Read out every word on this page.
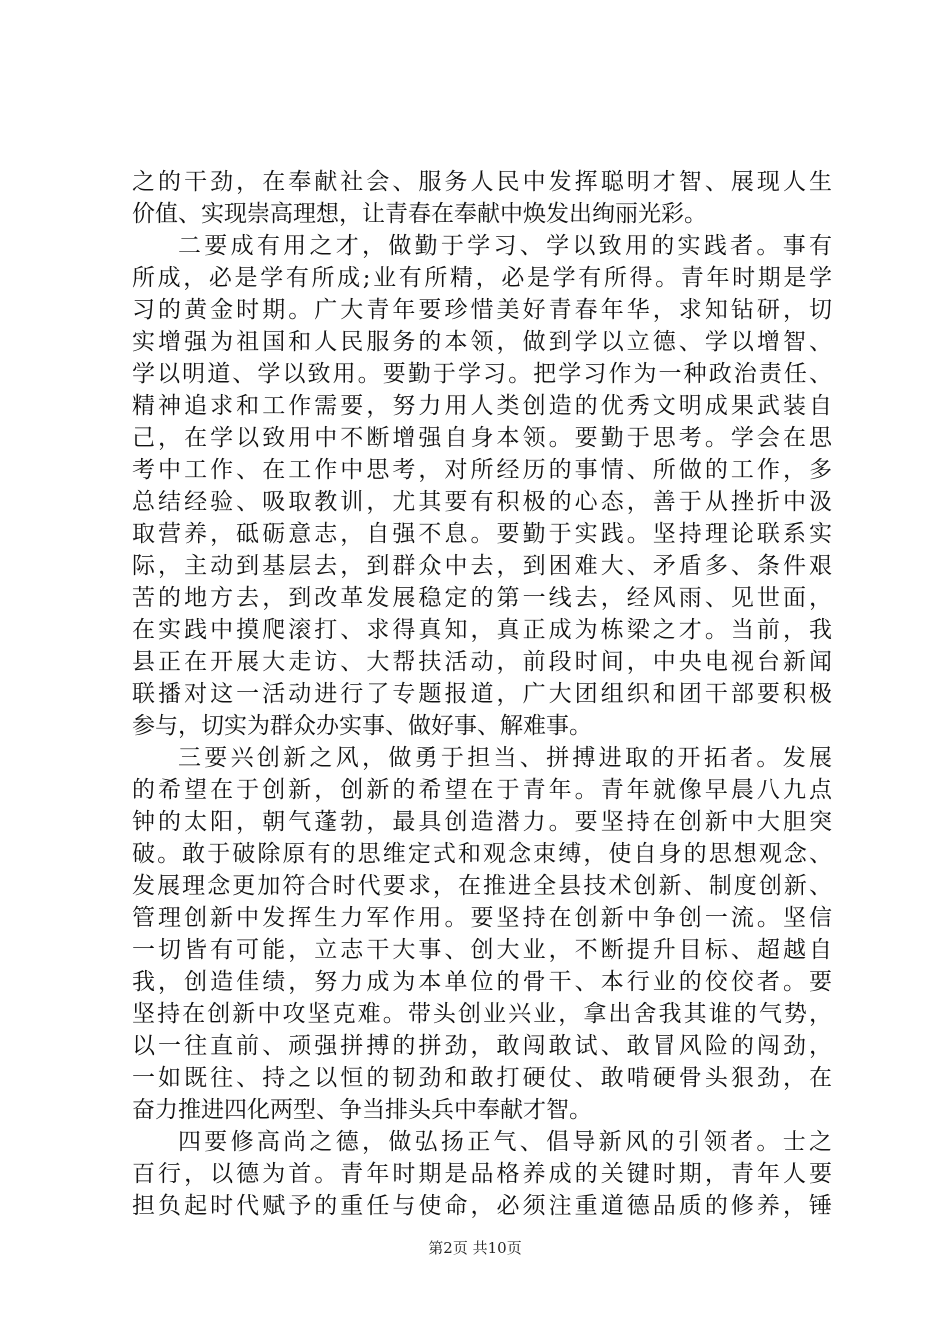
之的干劲，在奉献社会、服务人民中发挥聪明才智、展现人生
价值、实现崇高理想，让青春在奉献中焕发出绚丽光彩。
二要成有用之才，做勤于学习、学以致用的实践者。事有
所成，必是学有所成;业有所精，必是学有所得。青年时期是学
习的黄金时期。广大青年要珍惜美好青春年华，求知钻研，切
实增强为祖国和人民服务的本领，做到学以立德、学以增智、
学以明道、学以致用。要勤于学习。把学习作为一种政治责任、
精神追求和工作需要，努力用人类创造的优秀文明成果武装自
己，在学以致用中不断增强自身本领。要勤于思考。学会在思
考中工作、在工作中思考，对所经历的事情、所做的工作，多
总结经验、吸取教训，尤其要有积极的心态，善于从挫折中汲
取营养，砥砺意志，自强不息。要勤于实践。坚持理论联系实
际，主动到基层去，到群众中去，到困难大、矛盾多、条件艰
苦的地方去，到改革发展稳定的第一线去，经风雨、见世面，
在实践中摸爬滚打、求得真知，真正成为栋梁之才。当前，我
县正在开展大走访、大帮扶活动，前段时间，中央电视台新闻
联播对这一活动进行了专题报道，广大团组织和团干部要积极
参与，切实为群众办实事、做好事、解难事。
三要兴创新之风，做勇于担当、拼搏进取的开拓者。发展
的希望在于创新，创新的希望在于青年。青年就像早晨八九点
钟的太阳，朝气蓬勃，最具创造潜力。要坚持在创新中大胆突
破。敢于破除原有的思维定式和观念束缚，使自身的思想观念、
发展理念更加符合时代要求，在推进全县技术创新、制度创新、
管理创新中发挥生力军作用。要坚持在创新中争创一流。坚信
一切皆有可能，立志干大事、创大业，不断提升目标、超越自
我，创造佳绩，努力成为本单位的骨干、本行业的佼佼者。要
坚持在创新中攻坚克难。带头创业兴业，拿出舍我其谁的气势，
以一往直前、顽强拼搏的拼劲，敢闯敢试、敢冒风险的闯劲，
一如既往、持之以恒的韧劲和敢打硬仗、敢啃硬骨头狠劲，在
奋力推进四化两型、争当排头兵中奉献才智。
四要修高尚之德，做弘扬正气、倡导新风的引领者。士之
百行，以德为首。青年时期是品格养成的关键时期，青年人要
担负起时代赋予的重任与使命，必须注重道德品质的修养，锤
第2页 共10页
